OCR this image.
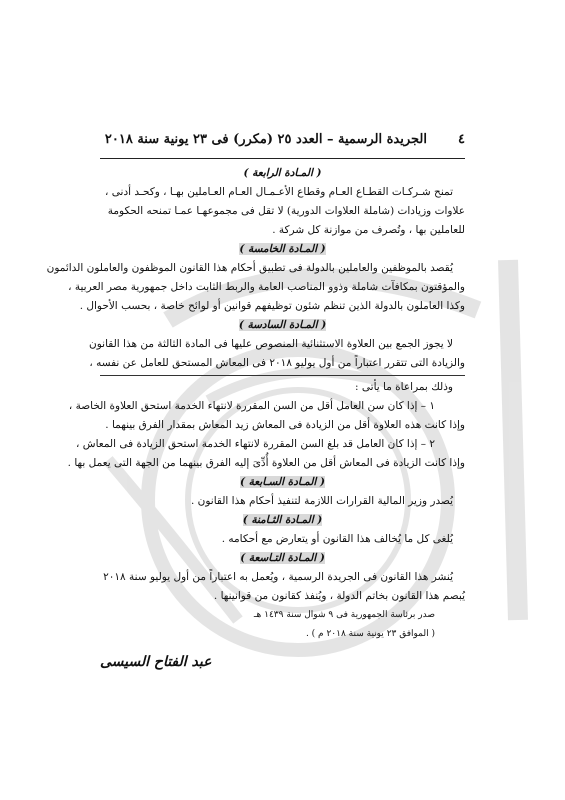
٤
الجريدة الرسمية – العدد ٢٥ (مكرر) فى ٢٣ يونية سنة ٢٠١٨
( المـادة الرابعة )
تمنح شـركـات القطـاع العـام وقطاع الأعـمـال العـام العـاملين بهـا ، وكحـد أدنى ،
علاوات وزيادات (شاملة العلاوات الدورية) لا تقل فى مجموعهـا عمـا تمنحه الحكومة
للعاملين بها ، وتُصرف من موازنة كل شركة .
( المـادة الخامسة )
يُقصد بالموظفين والعاملين بالدولة فى تطبيق أحكام هذا القانون الموظفون والعاملون الدائمون
والمؤقتون بمكافآت شاملة وذوو المناصب العامة والربط الثابت داخل جمهورية مصر العربية ،
وكذا العاملون بالدولة الذين تنظم شئون توظيفهم قوانين أو لوائح خاصة ، بحسب الأحوال .
( المـادة السادسة )
لا يجوز الجمع بين العلاوة الاستثنائية المنصوص عليها فى المادة الثالثة من هذا القانون
والزيادة التى تتقرر اعتباراً من أول يوليو ٢٠١٨ فى المعاش المستحق للعامل عن نفسه ،
وذلك بمراعاة ما يأتى :
١ – إذا كان سن العامل أقل من السن المقررة لانتهاء الخدمة استحق العلاوة الخاصة ،
وإذا كانت هذه العلاوة أقل من الزيادة فى المعاش زيد المعاش بمقدار الفرق بينهما .
٢ – إذا كان العامل قد بلغ السن المقررة لانتهاء الخدمة استحق الزيادة فى المعاش ،
وإذا كانت الزيادة فى المعاش أقل من العلاوة أُدِّىَ إليه الفرق بينهما من الجهة التى يعمل بها .
( المـادة السـابعة )
يُصدر وزير المالية القرارات اللازمة لتنفيذ أحكام هذا القانون .
( المـادة الثـامنة )
يُلغى كل ما يُخالف هذا القانون أو يتعارض مع أحكامه .
( المـادة التـاسعة )
يُنشر هذا القانون فى الجريدة الرسمية ، ويُعمل به اعتباراً من أول يوليو سنة ٢٠١٨
يُبصم هذا القانون بخاتم الدولة ، ويُنفذ كقانون من قوانينها .
صدر برئاسة الجمهورية فى ٩ شوال سنة ١٤٣٩ هـ
( الموافق ٢٣ يونية سنة ٢٠١٨ م ) .
عبد الفتاح السيسى
